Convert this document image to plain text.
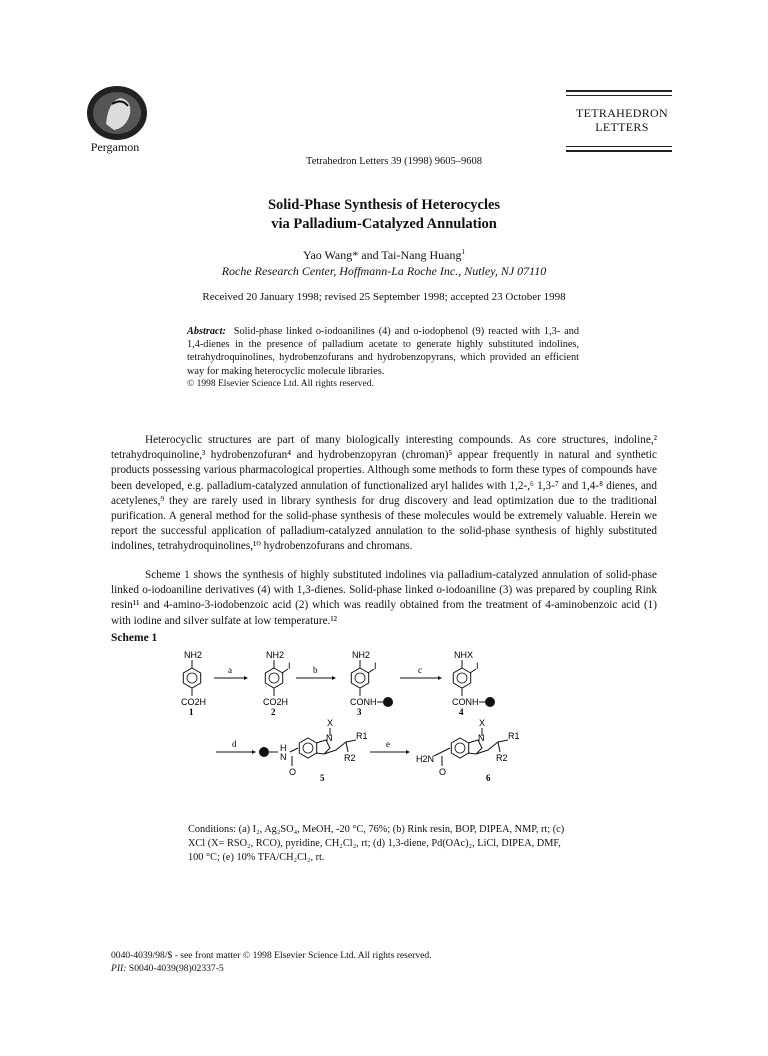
Pergamon
Tetrahedron Letters 39 (1998) 9605–9608
TETRAHEDRON
LETTERS
Solid-Phase Synthesis of Heterocycles
via Palladium-Catalyzed Annulation
Yao Wang* and Tai-Nang Huang$^1$
Roche Research Center, Hoffmann-La Roche Inc., Nutley, NJ 07110
Received 20 January 1998; revised 25 September 1998; accepted 23 October 1998
Abstract: Solid-phase linked o-iodoanilines (4) and o-iodophenol (9) reacted with 1,3- and 1,4-dienes in the presence of palladium acetate to generate highly substituted indolines, tetrahydroquinolines, hydrobenzofurans and hydrobenzopyrans, which provided an efficient way for making heterocyclic molecule libraries.
© 1998 Elsevier Science Ltd. All rights reserved.
Heterocyclic structures are part of many biologically interesting compounds. As core structures, indoline,² tetrahydroquinoline,³ hydrobenzofuran⁴ and hydrobenzopyran (chroman)⁵ appear frequently in natural and synthetic products possessing various pharmacological properties. Although some methods to form these types of compounds have been developed, e.g. palladium-catalyzed annulation of functionalized aryl halides with 1,2-,⁶ 1,3-⁷ and 1,4-⁸ dienes, and acetylenes,⁹ they are rarely used in library synthesis for drug discovery and lead optimization due to the traditional purification. A general method for the solid-phase synthesis of these molecules would be extremely valuable. Herein we report the successful application of palladium-catalyzed annulation to the solid-phase synthesis of highly substituted indolines, tetrahydroquinolines,¹⁰ hydrobenzofurans and chromans.
Scheme 1 shows the synthesis of highly substituted indolines via palladium-catalyzed annulation of solid-phase linked o-iodoaniline derivatives (4) with 1,3-dienes. Solid-phase linked o-iodoaniline (3) was prepared by coupling Rink resin¹¹ and 4-amino-3-iodobenzoic acid (2) which was readily obtained from the treatment of 4-aminobenzoic acid (1) with iodine and silver sulfate at low temperature.¹²
Scheme 1
NH2
CO2H
1
a
NH2
I
CO2H
2
b
NH2
I
CONH
3
c
NHX
I
CONH
4
d	H
N
O
X
N	R1
R2
5
e
H2N
O
X
N	R1
R2
6
Conditions: (a) I₂, Ag₂SO₄, MeOH, -20 °C, 76%; (b) Rink resin, BOP, DIPEA, NMP, rt; (c) XCl (X= RSO₂, RCO), pyridine, CH₂Cl₂, rt; (d) 1,3-diene, Pd(OAc)₂, LiCl, DIPEA, DMF, 100 °C; (e) 10% TFA/CH₂Cl₂, rt.
0040-4039/98/$ - see front matter © 1998 Elsevier Science Ltd. All rights reserved.
PII: S0040-4039(98)02337-5
